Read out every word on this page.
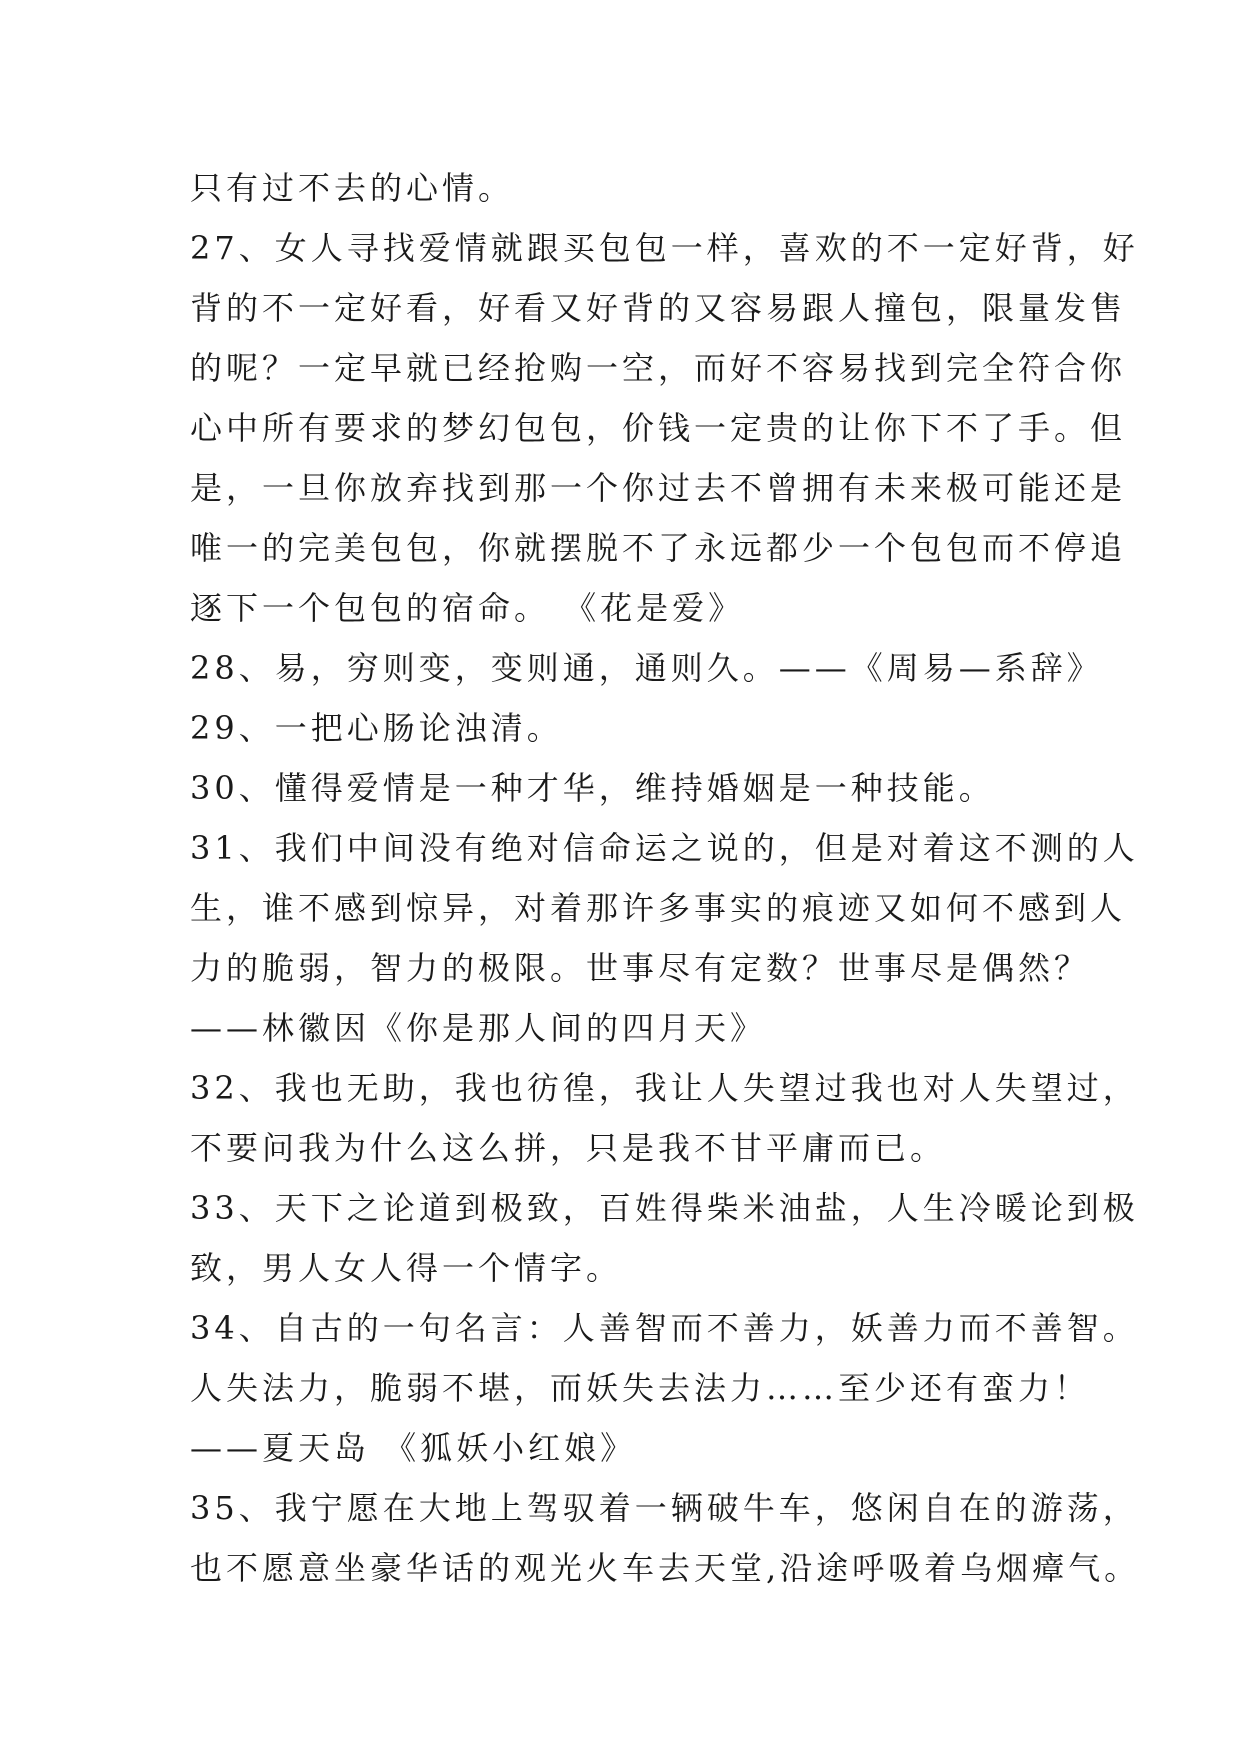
只有过不去的心情。
27、女人寻找爱情就跟买包包一样，喜欢的不一定好背，好
背的不一定好看，好看又好背的又容易跟人撞包，限量发售
的呢？一定早就已经抢购一空，而好不容易找到完全符合你
心中所有要求的梦幻包包，价钱一定贵的让你下不了手。但
是，一旦你放弃找到那一个你过去不曾拥有未来极可能还是
唯一的完美包包，你就摆脱不了永远都少一个包包而不停追
逐下一个包包的宿命。 《花是爱》
28、易，穷则变，变则通，通则久。——《周易—系辞》
29、一把心肠论浊清。
30、懂得爱情是一种才华，维持婚姻是一种技能。
31、我们中间没有绝对信命运之说的，但是对着这不测的人
生，谁不感到惊异，对着那许多事实的痕迹又如何不感到人
力的脆弱，智力的极限。世事尽有定数？世事尽是偶然？
——林徽因《你是那人间的四月天》
32、我也无助，我也彷徨，我让人失望过我也对人失望过，
不要问我为什么这么拼，只是我不甘平庸而已。
33、天下之论道到极致，百姓得柴米油盐，人生冷暖论到极
致，男人女人得一个情字。
34、自古的一句名言：人善智而不善力，妖善力而不善智。
人失法力，脆弱不堪，而妖失去法力……至少还有蛮力！
——夏天岛 《狐妖小红娘》
35、我宁愿在大地上驾驭着一辆破牛车，悠闲自在的游荡，
也不愿意坐豪华话的观光火车去天堂,沿途呼吸着乌烟瘴气。
